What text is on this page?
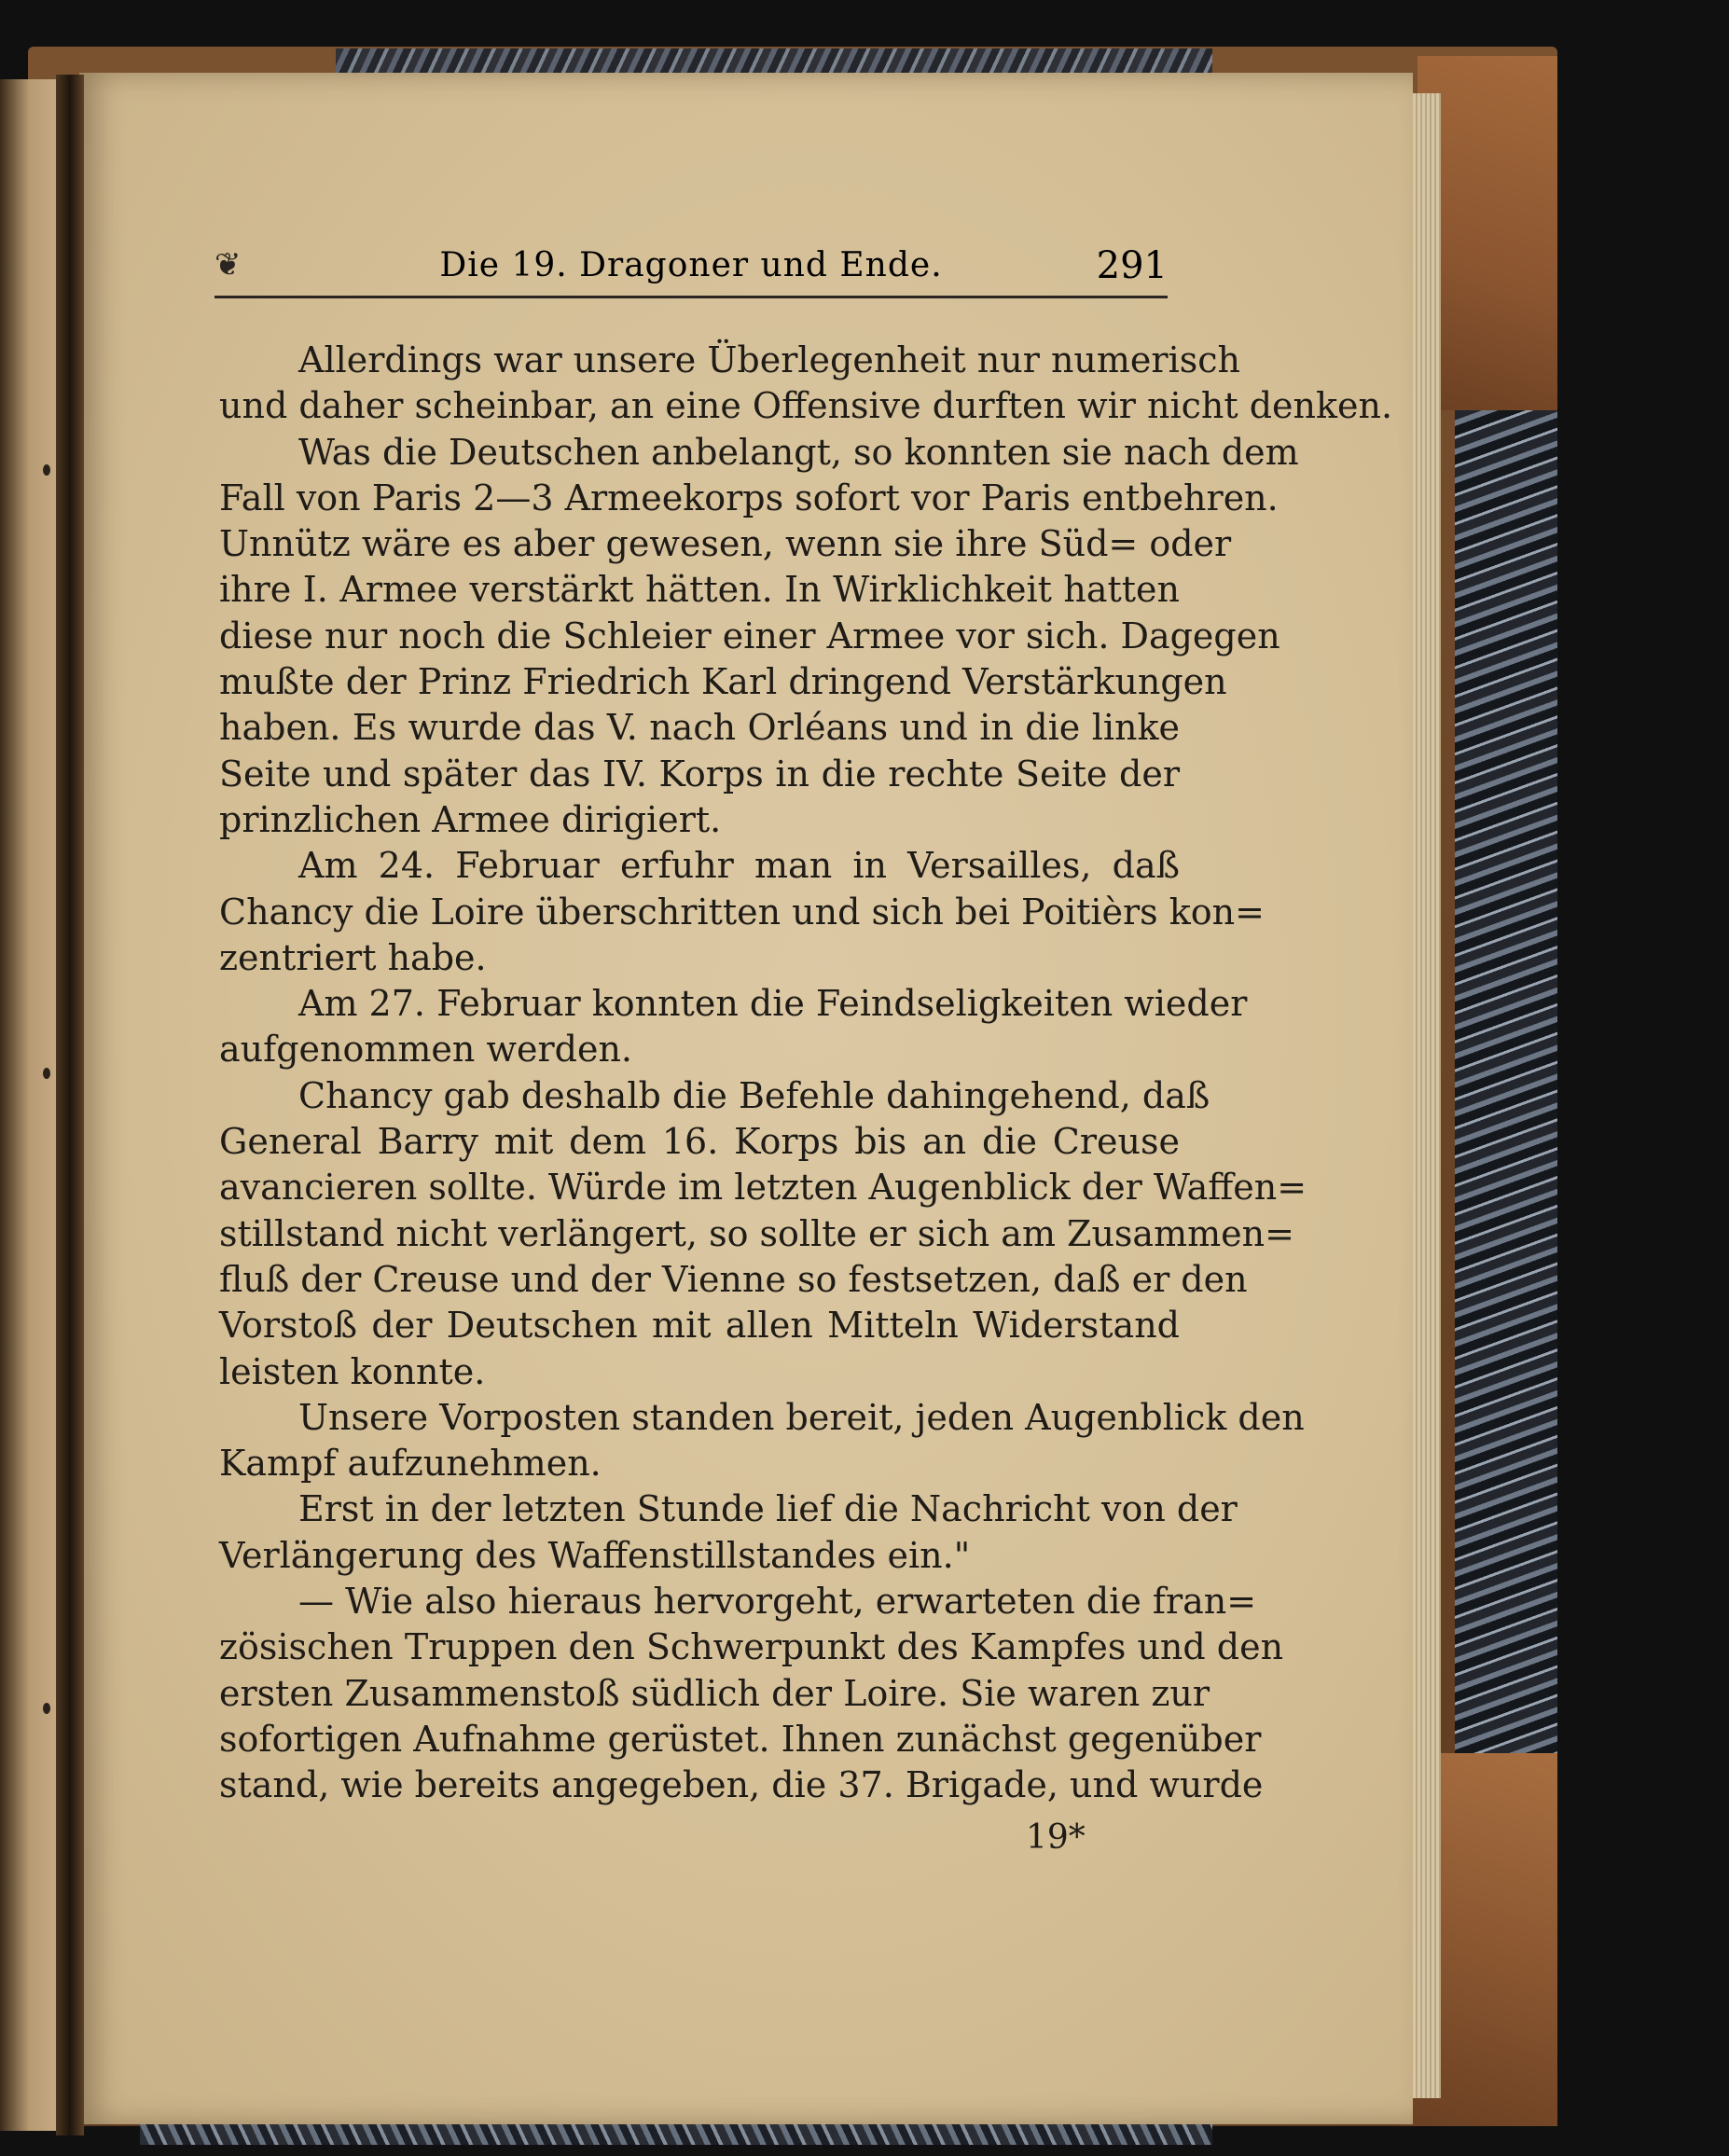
❦	Die 19. Dragoner und Ende.	291
Allerdings war unsere Überlegenheit nur numerisch
und daher scheinbar, an eine Offensive durften wir nicht denken.
Was die Deutschen anbelangt, so konnten sie nach dem
Fall von Paris 2—3 Armeekorps sofort vor Paris entbehren.
Unnütz wäre es aber gewesen, wenn sie ihre Süd= oder
ihre I. Armee verstärkt hätten. In Wirklichkeit hatten
diese nur noch die Schleier einer Armee vor sich. Dagegen
mußte der Prinz Friedrich Karl dringend Verstärkungen
haben. Es wurde das V. nach Orléans und in die linke
Seite und später das IV. Korps in die rechte Seite der
prinzlichen Armee dirigiert.
Am 24. Februar erfuhr man in Versailles, daß
Chancy die Loire überschritten und sich bei Poitièrs kon=
zentriert habe.
Am 27. Februar konnten die Feindseligkeiten wieder
aufgenommen werden.
Chancy gab deshalb die Befehle dahingehend, daß
General Barry mit dem 16. Korps bis an die Creuse
avancieren sollte. Würde im letzten Augenblick der Waffen=
stillstand nicht verlängert, so sollte er sich am Zusammen=
fluß der Creuse und der Vienne so festsetzen, daß er den
Vorstoß der Deutschen mit allen Mitteln Widerstand
leisten konnte.
Unsere Vorposten standen bereit, jeden Augenblick den
Kampf aufzunehmen.
Erst in der letzten Stunde lief die Nachricht von der
Verlängerung des Waffenstillstandes ein."
— Wie also hieraus hervorgeht, erwarteten die fran=
zösischen Truppen den Schwerpunkt des Kampfes und den
ersten Zusammenstoß südlich der Loire. Sie waren zur
sofortigen Aufnahme gerüstet. Ihnen zunächst gegenüber
stand, wie bereits angegeben, die 37. Brigade, und wurde
19*
